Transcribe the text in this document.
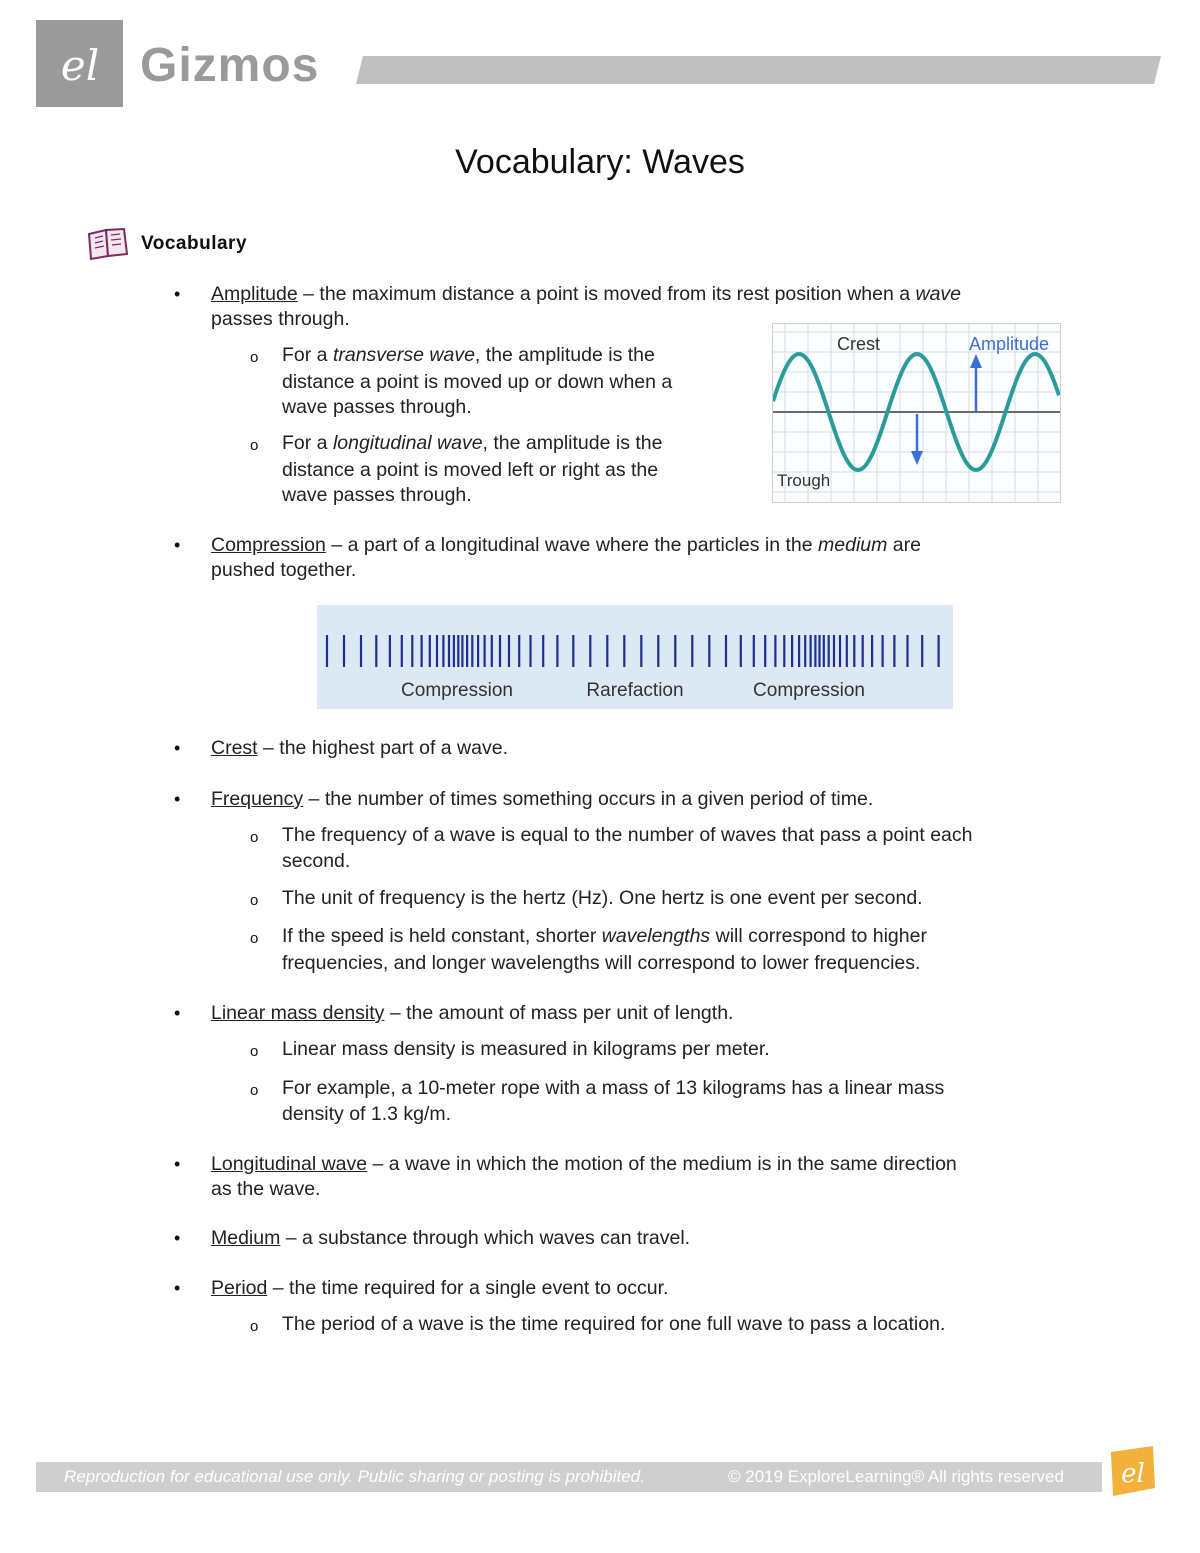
el Gizmos
Vocabulary: Waves
Vocabulary
• Amplitude – the maximum distance a point is moved from its rest position when a wave
passes through.
o For a transverse wave, the amplitude is the
distance a point is moved up or down when a
wave passes through.
o For a longitudinal wave, the amplitude is the
distance a point is moved left or right as the
wave passes through.
Crest	Amplitude
Trough
• Compression – a part of a longitudinal wave where the particles in the medium are
pushed together.
Compression	Rarefaction	Compression
• Crest – the highest part of a wave.
• Frequency – the number of times something occurs in a given period of time.
o The frequency of a wave is equal to the number of waves that pass a point each
second.
o The unit of frequency is the hertz (Hz). One hertz is one event per second.
o If the speed is held constant, shorter wavelengths will correspond to higher
frequencies, and longer wavelengths will correspond to lower frequencies.
• Linear mass density – the amount of mass per unit of length.
o Linear mass density is measured in kilograms per meter.
o For example, a 10-meter rope with a mass of 13 kilograms has a linear mass
density of 1.3 kg/m.
• Longitudinal wave – a wave in which the motion of the medium is in the same direction
as the wave.
• Medium – a substance through which waves can travel.
• Period – the time required for a single event to occur.
o The period of a wave is the time required for one full wave to pass a location.
Reproduction for educational use only. Public sharing or posting is prohibited.	© 2019 ExploreLearning® All rights reserved el
